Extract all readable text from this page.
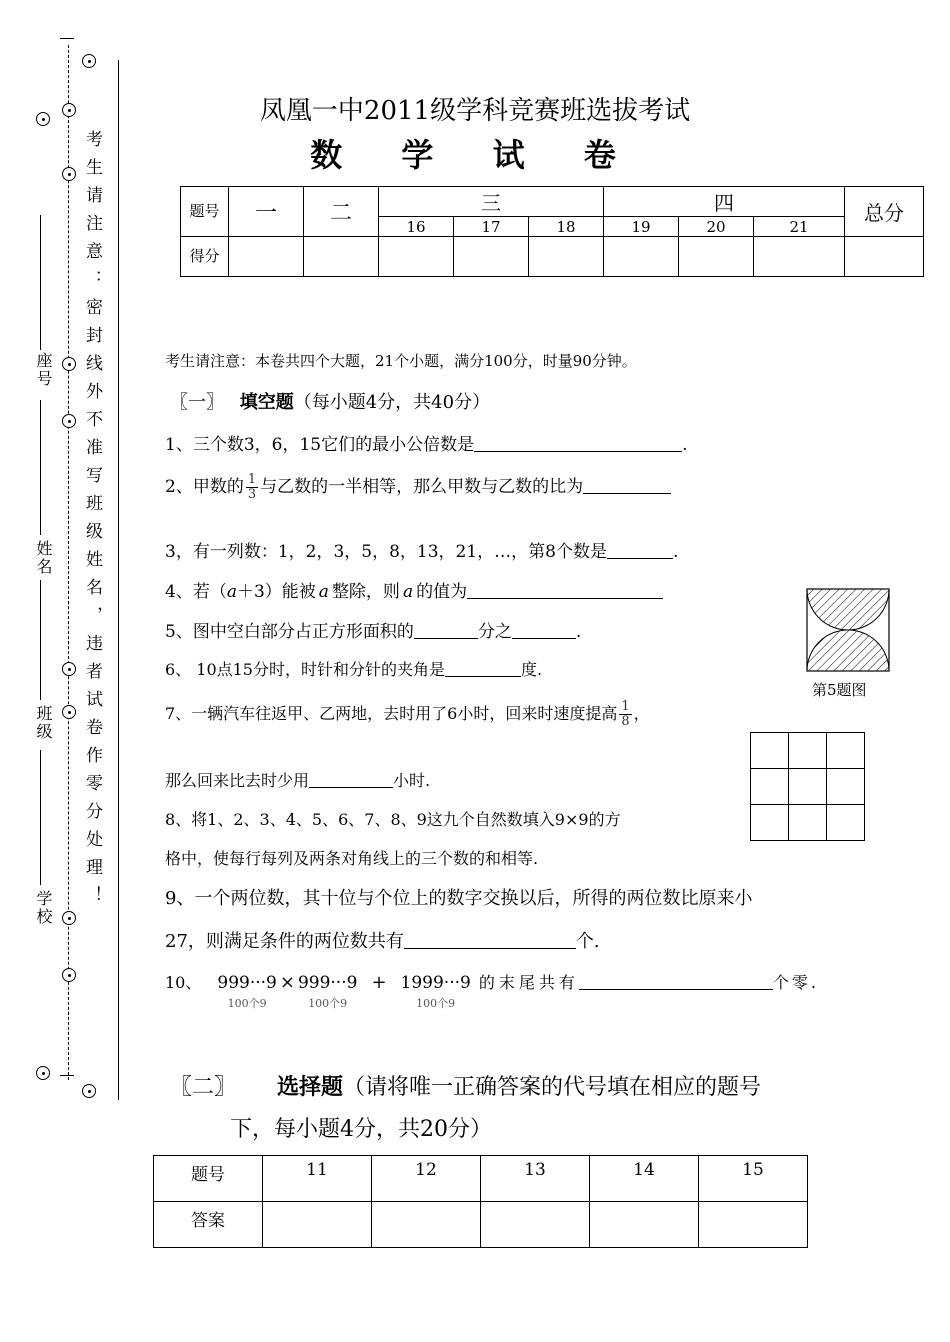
考生请注意：密封线外不准写班级姓名，违者试卷作零分处理！
座号
姓名
班级
学校
凤凰一中2011级学科竞赛班选拔考试
数 学 试 卷
题号	一	二	三			四			总分
			16	17	18	19	20	21	
得分									
考生请注意：本卷共四个大题，21个小题，满分100分，时量90分钟。
〖一〗 填空题（每小题4分，共40分）
1、三个数3，6，15它们的最小公倍数是	.
2、甲数的 $\frac{1}{3}$ 与乙数的一半相等，那么甲数与乙数的比为
3，有一列数：1，2，3，5，8，13，21，…，第8个数是	.
4、若（a＋3）能被 a 整除，则 a 的值为
5、图中空白部分占正方形面积的	分之	.
第5题图
6、 10点15分时，时针和分针的夹角是	度.
7、一辆汽车往返甲、乙两地，去时用了6小时，回来时速度提高 $\frac{1}{8}$ ，
那么回来比去时少用	小时.

8、将1、2、3、4、5、6、7、8、9这九个自然数填入9×9的方
格中，使每行每列及两条对角线上的三个数的和相等.
9、一个两位数，其十位与个位上的数字交换以后，所得的两位数比原来小
27，则满足条件的两位数共有	个.
10、 999···9
100个9
× 999···9
100个9
+ 1999···9
100个9
的末尾共有	个零.
〖二〗 选择题（请将唯一正确答案的代号填在相应的题号
下，每小题4分，共20分）
题号	11	12	13	14	15
答案					
